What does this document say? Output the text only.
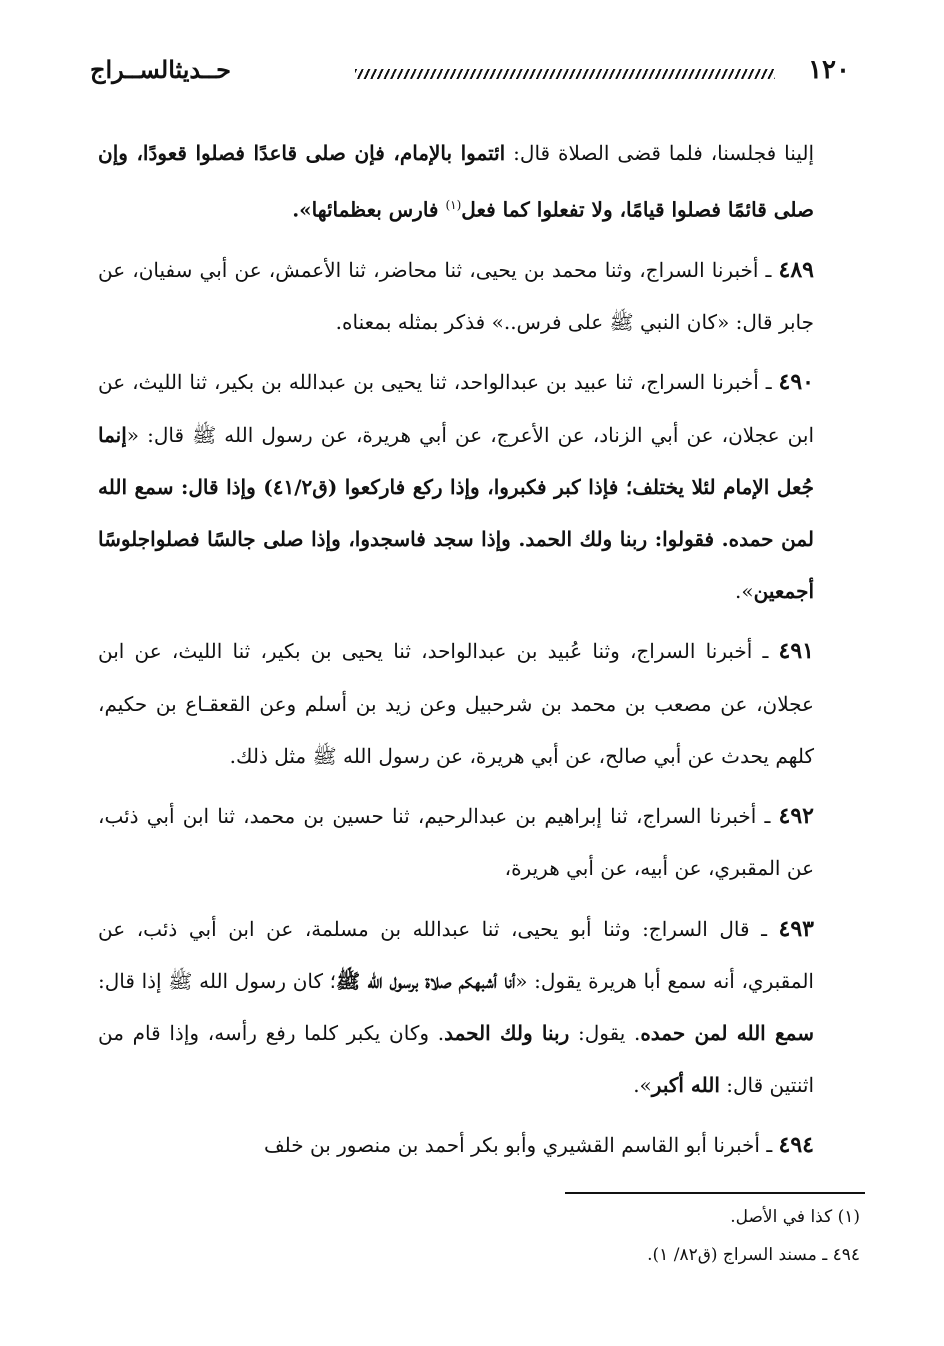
١٢٠
حــديثالســراج

إلينا فجلسنا، فلما قضى الصلاة قال: ائتموا بالإمام، فإن صلى قاعدًا فصلوا قعودًا، وإن صلى قائمًا فصلوا قيامًا، ولا تفعلوا كما فعل$^{(١)}$ فارس بعظمائها».

٤٨٩ ـ أخبرنا السراج، وثنا محمد بن يحيى، ثنا محاضر، ثنا الأعمش، عن أبي سفيان، عن جابر قال: «كان النبي ﷺ على فرس..» فذكر بمثله بمعناه.

٤٩٠ ـ أخبرنا السراج، ثنا عبيد بن عبدالواحد، ثنا يحيى بن عبدالله بن بكير، ثنا الليث، عن ابن عجلان، عن أبي الزناد، عن الأعرج، عن أبي هريرة، عن رسول الله ﷺ قال: «إنما جُعل الإمام لئلا يختلف؛ فإذا كبر فكبروا، وإذا ركع فاركعوا (ق٤١/٢) وإذا قال: سمع الله لمن حمده. فقولوا: ربنا ولك الحمد. وإذا سجد فاسجدوا، وإذا صلى جالسًا فصلواجلوسًا أجمعين».

٤٩١ ـ أخبرنا السراج، وثنا عُبيد بن عبدالواحد، ثنا يحيى بن بكير، ثنا الليث، عن ابن عجلان، عن مصعب بن محمد بن شرحبيل وعن زيد بن أسلم وعن القعقـاع بن حكيم، كلهم يحدث عن أبي صالح، عن أبي هريرة، عن رسول الله ﷺ مثل ذلك.

٤٩٢ ـ أخبرنا السراج، ثنا إبراهيم بن عبدالرحيم، ثنا حسين بن محمد، ثنا ابن أبي ذئب، عن المقبري، عن أبيه، عن أبي هريرة،

٤٩٣ ـ قال السراج: وثنا أبو يحيى، ثنا عبدالله بن مسلمة، عن ابن أبي ذئب، عن المقبري، أنه سمع أبا هريرة يقول: «أنا أشبهكم صلاة برسول الله ﷺ؛ كان رسول الله ﷺ إذا قال: سمع الله لمن حمده. يقول: ربنا ولك الحمد. وكان يكبر كلما رفع رأسه، وإذا قام من اثنتين قال: الله أكبر».

٤٩٤ ـ أخبرنا أبو القاسم القشيري وأبو بكر أحمد بن منصور بن خلف

(١) كذا في الأصل.

٤٩٤ ـ مسند السراج (ق٨٢/ ١).
